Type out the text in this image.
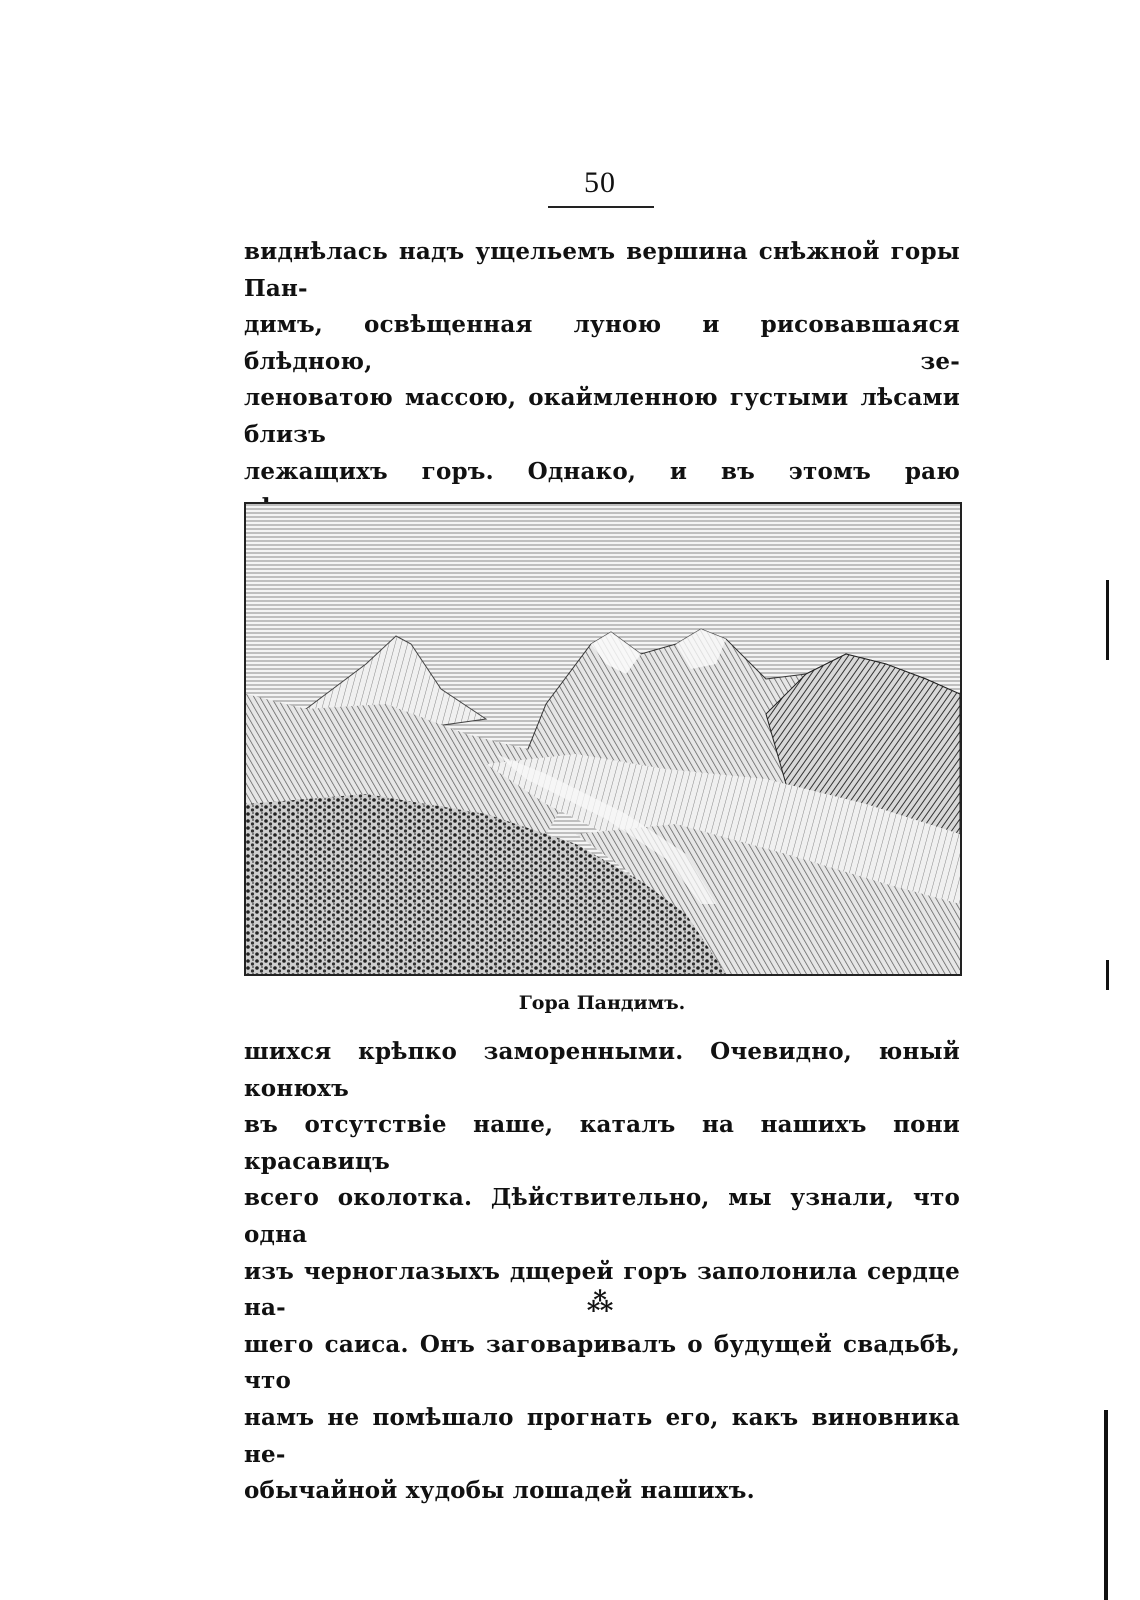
50

виднѣлась надъ ущельемъ вершина снѣжной горы Пан-

димъ, освѣщенная луною и рисовавшаяся блѣдною, зе-

леноватою массою, окаймленною густыми лѣсами близъ

лежащихъ горъ. Однако, и въ этомъ раю

Гора Пандимъ.

шихся крѣпко заморенными. Очевидно, юный конюхъ

въ отсутствіе наше, каталъ на нашихъ пони красавицъ

всего околотка. Дѣйствительно, мы узнали, что одна

изъ черноглазыхъ дщерей горъ заполонила сердце на-

шего саиса. Онъ заговаривалъ о будущей свадьбѣ, что

намъ не помѣшало прогнать его, какъ виновника не-

обычайной худобы лошадей нашихъ.

⁂
